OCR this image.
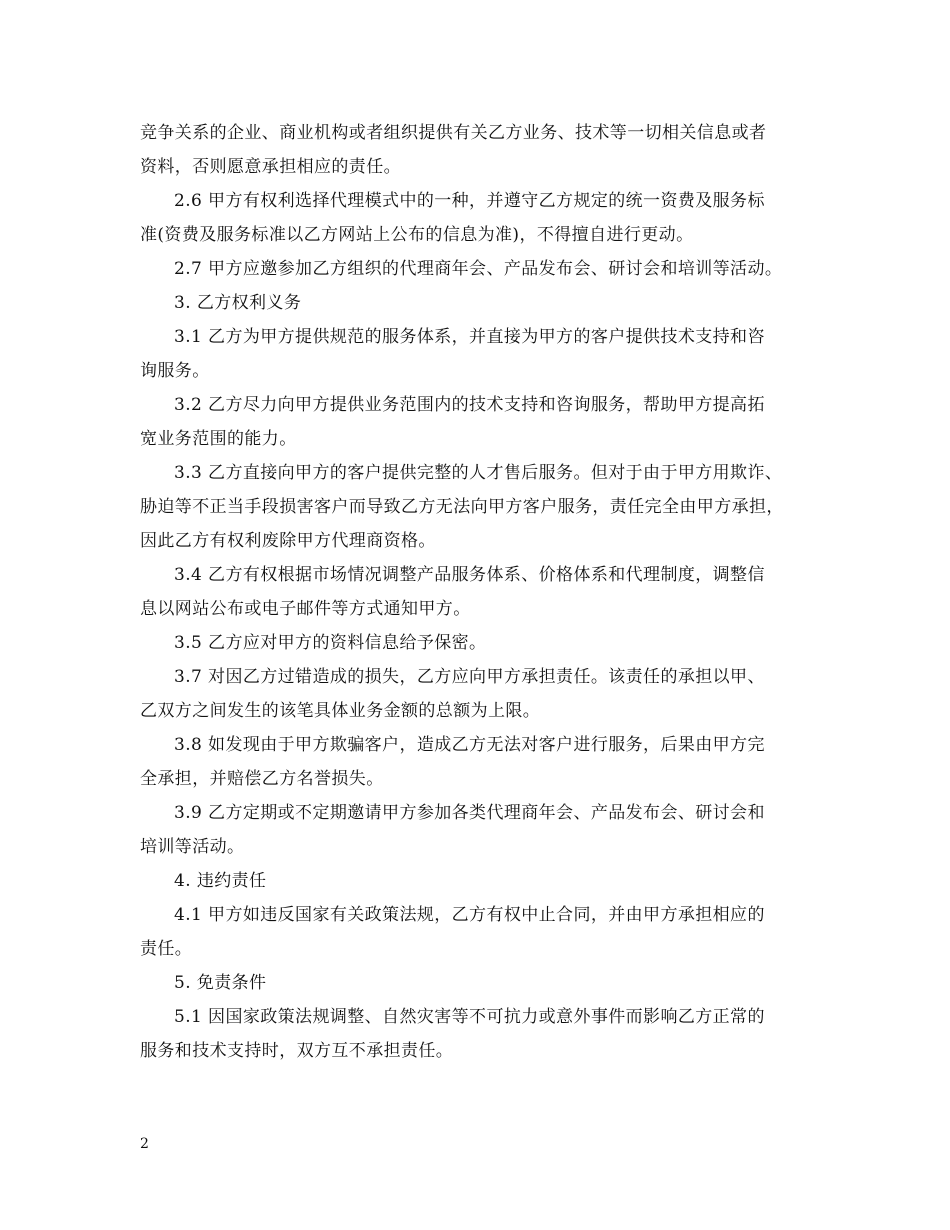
竞争关系的企业、商业机构或者组织提供有关乙方业务、技术等一切相关信息或者
资料，否则愿意承担相应的责任。
2.6 甲方有权利选择代理模式中的一种，并遵守乙方规定的统一资费及服务标
准(资费及服务标准以乙方网站上公布的信息为准)，不得擅自进行更动。
2.7 甲方应邀参加乙方组织的代理商年会、产品发布会、研讨会和培训等活动。
3. 乙方权利义务
3.1 乙方为甲方提供规范的服务体系，并直接为甲方的客户提供技术支持和咨
询服务。
3.2 乙方尽力向甲方提供业务范围内的技术支持和咨询服务，帮助甲方提高拓
宽业务范围的能力。
3.3 乙方直接向甲方的客户提供完整的人才售后服务。但对于由于甲方用欺诈、
胁迫等不正当手段损害客户而导致乙方无法向甲方客户服务，责任完全由甲方承担，
因此乙方有权利废除甲方代理商资格。
3.4 乙方有权根据市场情况调整产品服务体系、价格体系和代理制度，调整信
息以网站公布或电子邮件等方式通知甲方。
3.5 乙方应对甲方的资料信息给予保密。
3.7 对因乙方过错造成的损失，乙方应向甲方承担责任。该责任的承担以甲、
乙双方之间发生的该笔具体业务金额的总额为上限。
3.8 如发现由于甲方欺骗客户，造成乙方无法对客户进行服务，后果由甲方完
全承担，并赔偿乙方名誉损失。
3.9 乙方定期或不定期邀请甲方参加各类代理商年会、产品发布会、研讨会和
培训等活动。
4. 违约责任
4.1 甲方如违反国家有关政策法规，乙方有权中止合同，并由甲方承担相应的
责任。
5. 免责条件
5.1 因国家政策法规调整、自然灾害等不可抗力或意外事件而影响乙方正常的
服务和技术支持时，双方互不承担责任。
2
